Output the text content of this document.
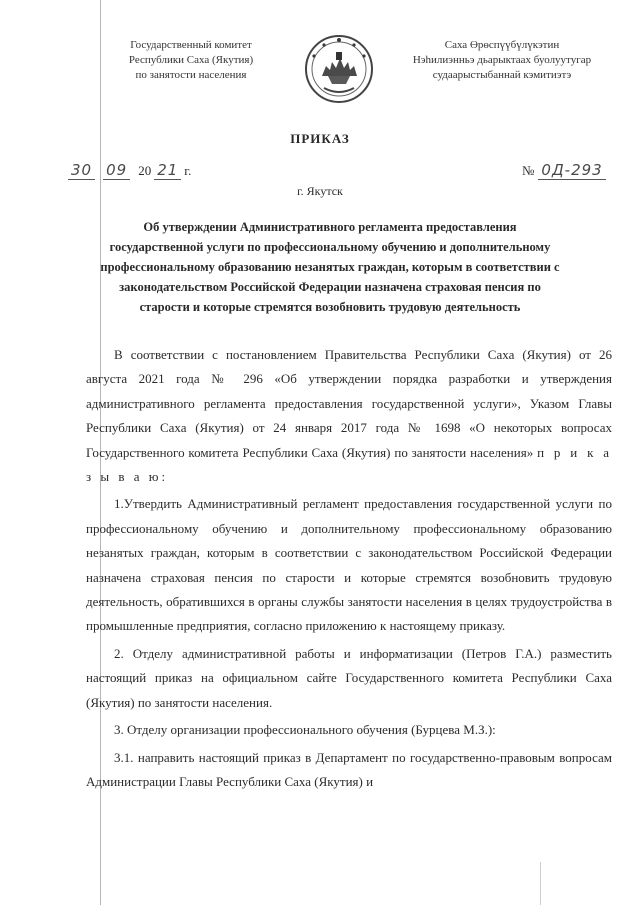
Государственный комитет
Республики Саха (Якутия)
по занятости населения
Саха Өрөспүүбүлүкэтин
Нэһилиэнньэ дьарыктаах буолуутугар
судаарыстыбаннай кэмитиэтэ
ПРИКАЗ
30 09 20 21 г.	№ 0Д-293
г. Якутск
Об утверждении Административного регламента предоставления государственной услуги по профессиональному обучению и дополнительному профессиональному образованию незанятых граждан, которым в соответствии с законодательством Российской Федерации назначена страховая пенсия по старости и которые стремятся возобновить трудовую деятельность

В соответствии с постановлением Правительства Республики Саха (Якутия) от 26 августа 2021 года № 296 «Об утверждении порядка разработки и утверждения административного регламента предоставления государственной услуги», Указом Главы Республики Саха (Якутия) от 24 января 2017 года № 1698 «О некоторых вопросах Государственного комитета Республики Саха (Якутия) по занятости населения» п р и к а з ы в а ю:

1.Утвердить Административный регламент предоставления государственной услуги по профессиональному обучению и дополнительному профессиональному образованию незанятых граждан, которым в соответствии с законодательством Российской Федерации назначена страховая пенсия по старости и которые стремятся возобновить трудовую деятельность, обратившихся в органы службы занятости населения в целях трудоустройства в промышленные предприятия, согласно приложению к настоящему приказу.

2. Отделу административной работы и информатизации (Петров Г.А.) разместить настоящий приказ на официальном сайте Государственного комитета Республики Саха (Якутия) по занятости населения.

3. Отделу организации профессионального обучения (Бурцева М.З.):

3.1. направить настоящий приказ в Департамент по государственно-правовым вопросам Администрации Главы Республики Саха (Якутия) и
